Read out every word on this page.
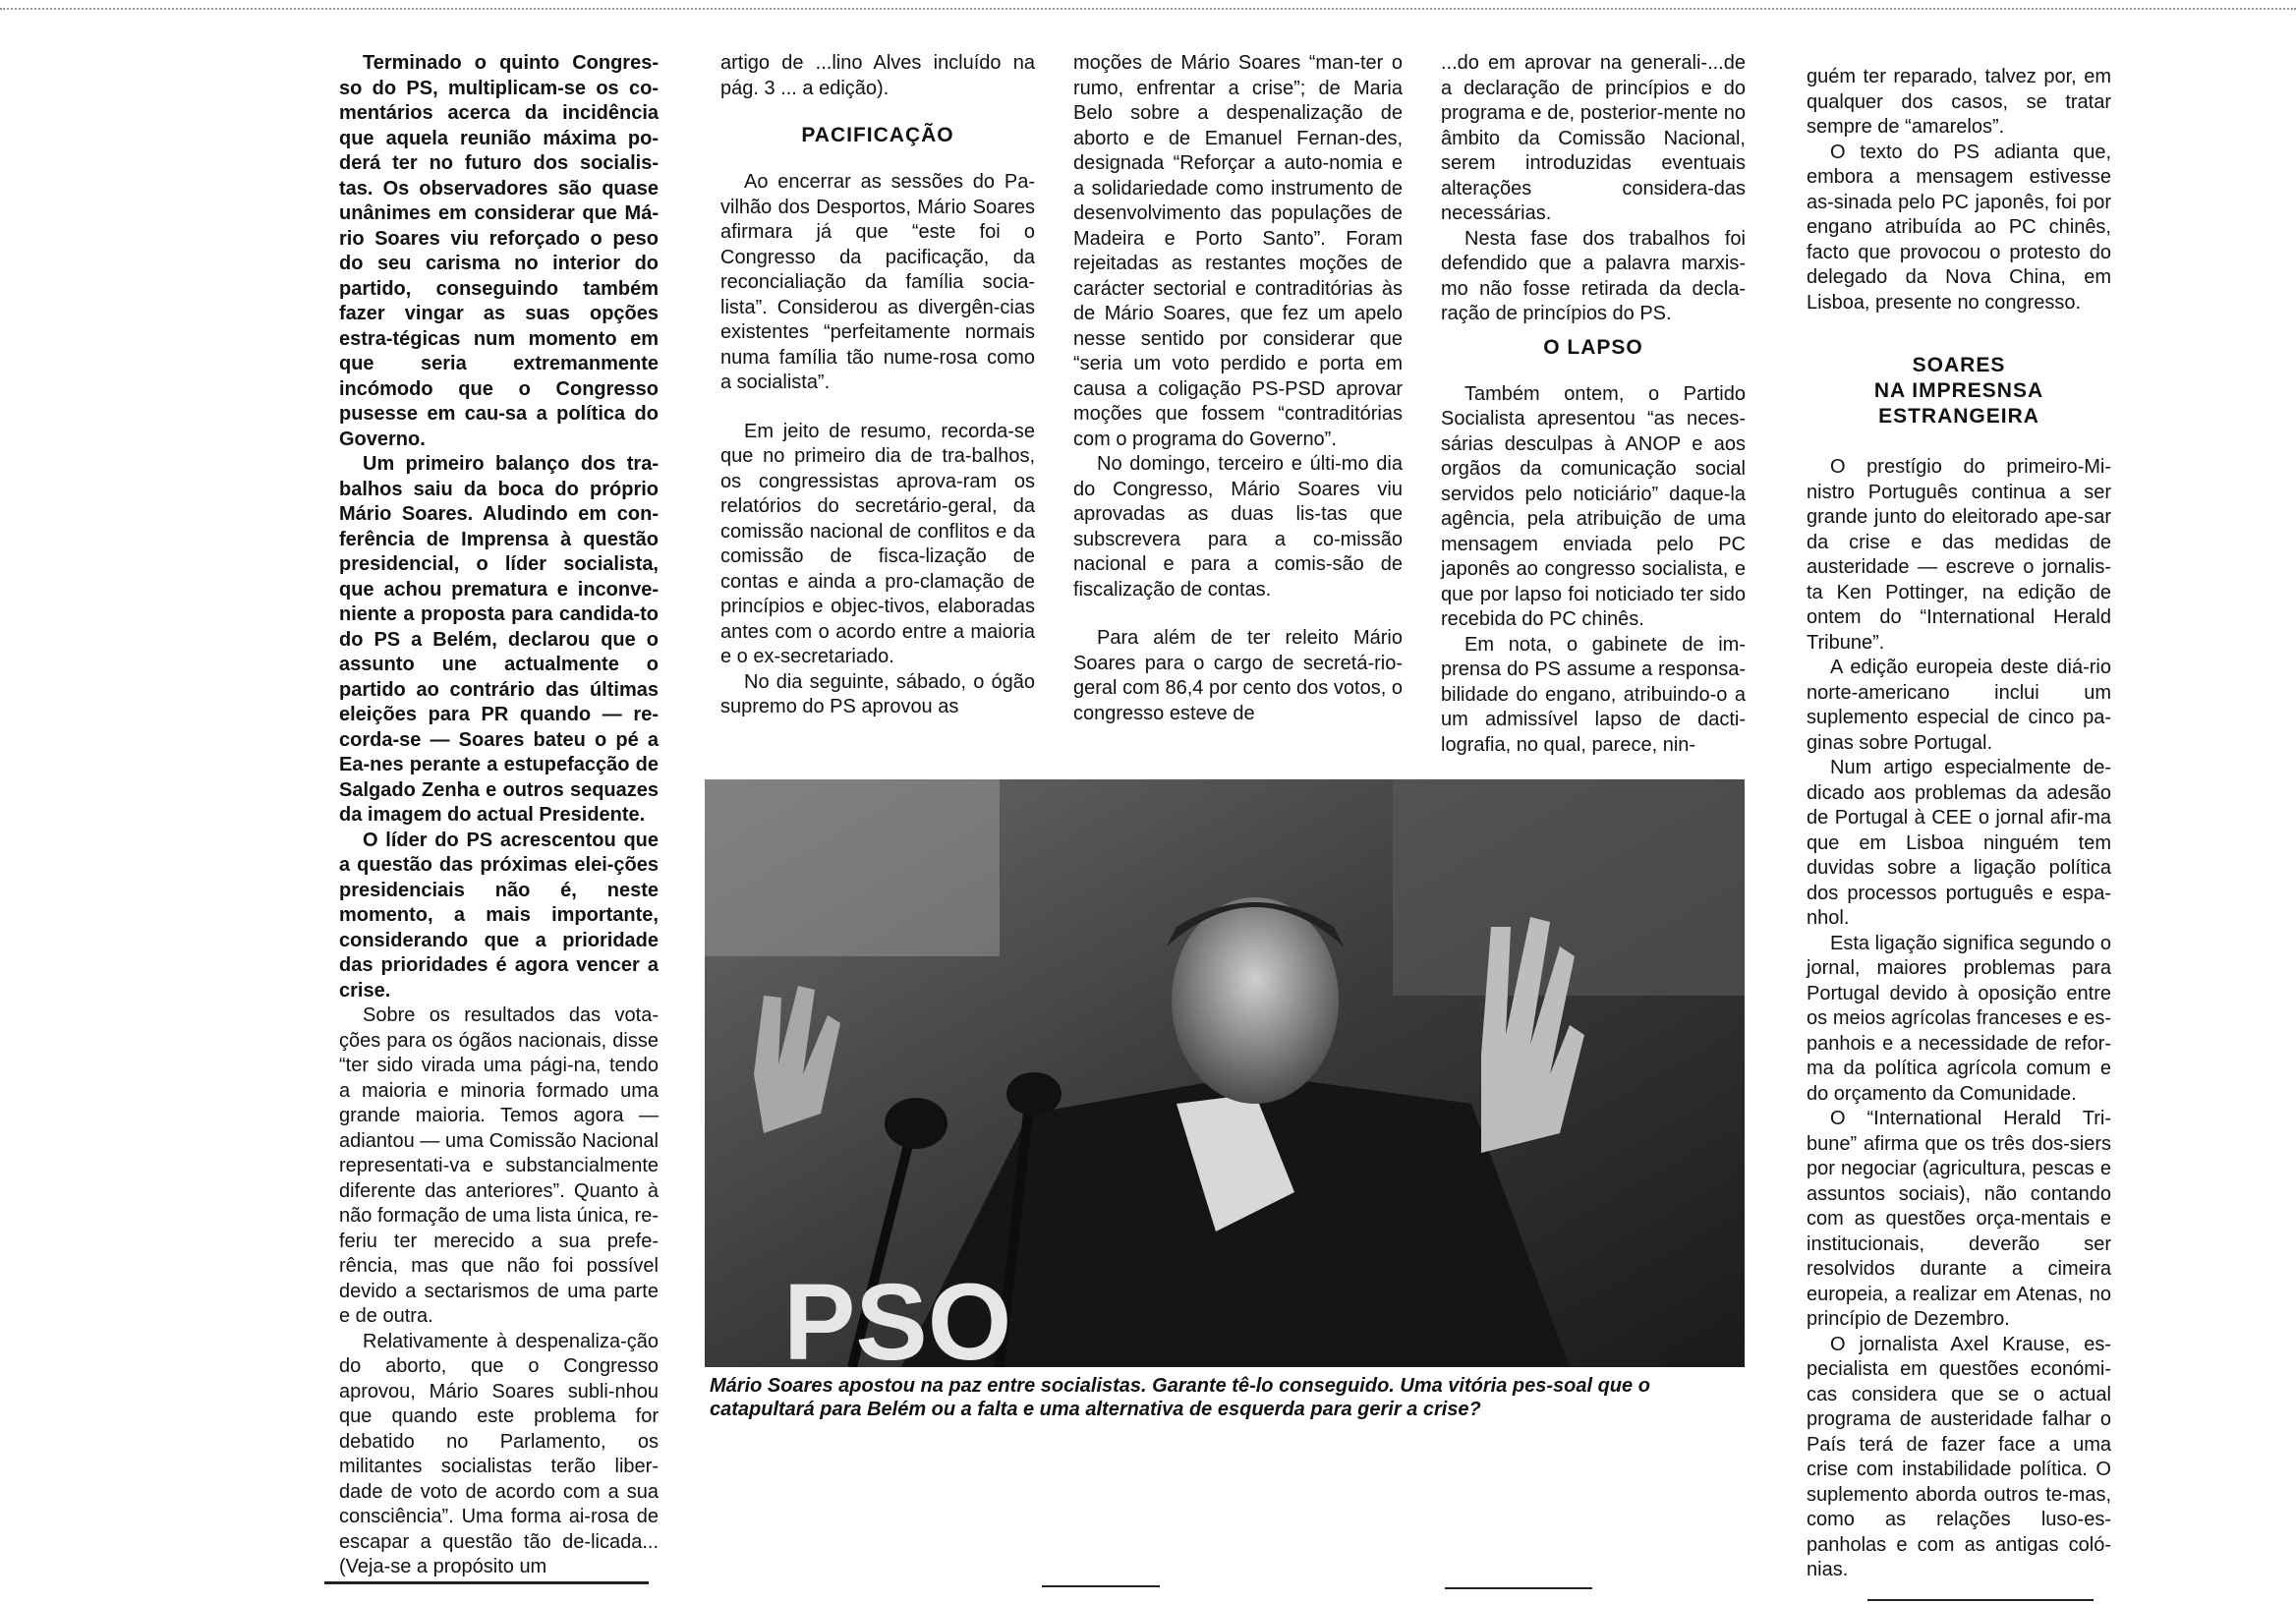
Terminado o quinto Congres-so do PS, multiplicam-se os co-mentários acerca da incidência que aquela reunião máxima po-derá ter no futuro dos socialis-tas. Os observadores são quase unânimes em considerar que Má-rio Soares viu reforçado o peso do seu carisma no interior do partido, conseguindo também fazer vingar as suas opções estra-tégicas num momento em que seria extremanmente incómodo que o Congresso pusesse em cau-sa a política do Governo.

Um primeiro balanço dos tra-balhos saiu da boca do próprio Mário Soares. Aludindo em con-ferência de Imprensa à questão presidencial, o líder socialista, que achou prematura e inconve-niente a proposta para candida-to do PS a Belém, declarou que o assunto une actualmente o partido ao contrário das últimas eleições para PR quando — re-corda-se — Soares bateu o pé a Ea-nes perante a estupefacção de Salgado Zenha e outros sequazes da imagem do actual Presidente.

O líder do PS acrescentou que a questão das próximas elei-ções presidenciais não é, neste momento, a mais importante, considerando que a prioridade das prioridades é agora vencer a crise.

Sobre os resultados das vota-ções para os ógãos nacionais, disse “ter sido virada uma pági-na, tendo a maioria e minoria formado uma grande maioria. Temos agora — adiantou — uma Comissão Nacional representati-va e substancialmente diferente das anteriores”. Quanto à não formação de uma lista única, re-feriu ter merecido a sua prefe-rência, mas que não foi possível devido a sectarismos de uma parte e de outra.

Relativamente à despenaliza-ção do aborto, que o Congresso aprovou, Mário Soares subli-nhou que quando este problema for debatido no Parlamento, os militantes socialistas terão liber-dade de voto de acordo com a sua consciência”. Uma forma ai-rosa de escapar a questão tão de-licada... (Veja-se a propósito um

artigo de ...lino Alves incluído na pág. 3 ... a edição).

PACIFICAÇÃO

Ao encerrar as sessões do Pa-vilhão dos Desportos, Mário Soares afirmara já que “este foi o Congresso da pacificação, da reconcialiação da família socia-lista”. Considerou as divergên-cias existentes “perfeitamente normais numa família tão nume-rosa como a socialista”.

Em jeito de resumo, recorda-se que no primeiro dia de tra-balhos, os congressistas aprova-ram os relatórios do secretário-geral, da comissão nacional de conflitos e da comissão de fisca-lização de contas e ainda a pro-clamação de princípios e objec-tivos, elaboradas antes com o acordo entre a maioria e o ex-secretariado.

No dia seguinte, sábado, o ógão supremo do PS aprovou as

moções de Mário Soares “man-ter o rumo, enfrentar a crise”; de Maria Belo sobre a despenalização de aborto e de Emanuel Fernan-des, designada “Reforçar a auto-nomia e a solidariedade como instrumento de desenvolvimento das populações de Madeira e Porto Santo”. Foram rejeitadas as restantes moções de carácter sectorial e contraditórias às de Mário Soares, que fez um apelo nesse sentido por considerar que “seria um voto perdido e porta em causa a coligação PS-PSD aprovar moções que fossem “contraditórias com o programa do Governo”.

No domingo, terceiro e últi-mo dia do Congresso, Mário Soares viu aprovadas as duas lis-tas que subscrevera para a co-missão nacional e para a comis-são de fiscalização de contas.

Para além de ter releito Mário Soares para o cargo de secretá-rio-geral com 86,4 por cento dos votos, o congresso esteve de

...do em aprovar na generali-...de a declaração de princípios e do programa e de, posterior-mente no âmbito da Comissão Nacional, serem introduzidas eventuais alterações considera-das necessárias.

Nesta fase dos trabalhos foi defendido que a palavra marxis-mo não fosse retirada da decla-ração de princípios do PS.

O LAPSO

Também ontem, o Partido Socialista apresentou “as neces-sárias desculpas à ANOP e aos orgãos da comunicação social servidos pelo noticiário” daque-la agência, pela atribuição de uma mensagem enviada pelo PC japonês ao congresso socialista, e que por lapso foi noticiado ter sido recebida do PC chinês.

Em nota, o gabinete de im-prensa do PS assume a responsa-bilidade do engano, atribuindo-o a um admissível lapso de dacti-lografia, no qual, parece, nin-

guém ter reparado, talvez por, em qualquer dos casos, se tratar sempre de “amarelos”.

O texto do PS adianta que, embora a mensagem estivesse as-sinada pelo PC japonês, foi por engano atribuída ao PC chinês, facto que provocou o protesto do delegado da Nova China, em Lisboa, presente no congresso.

SOARES
NA IMPRESNSA ESTRANGEIRA

O prestígio do primeiro-Mi-nistro Português continua a ser grande junto do eleitorado ape-sar da crise e das medidas de austeridade — escreve o jornalis-ta Ken Pottinger, na edição de ontem do “International Herald Tribune”.

A edição europeia deste diá-rio norte-americano inclui um suplemento especial de cinco pa-ginas sobre Portugal.

Num artigo especialmente de-dicado aos problemas da adesão de Portugal à CEE o jornal afir-ma que em Lisboa ninguém tem duvidas sobre a ligação política dos processos português e espa-nhol.

Esta ligação significa segundo o jornal, maiores problemas para Portugal devido à oposição entre os meios agrícolas franceses e es-panhois e a necessidade de refor-ma da política agrícola comum e do orçamento da Comunidade.

O “International Herald Tri-bune” afirma que os três dos-siers por negociar (agricultura, pescas e assuntos sociais), não contando com as questões orça-mentais e institucionais, deverão ser resolvidos durante a cimeira europeia, a realizar em Atenas, no princípio de Dezembro.

O jornalista Axel Krause, es-pecialista em questões económi-cas considera que se o actual programa de austeridade falhar o País terá de fazer face a uma crise com instabilidade política. O suplemento aborda outros te-mas, como as relações luso-es-panholas e com as antigas coló-nias.

PSO
Mário Soares apostou na paz entre socialistas. Garante tê-lo conseguido. Uma vitória pes-soal que o catapultará para Belém ou a falta e uma alternativa de esquerda para gerir a crise?
